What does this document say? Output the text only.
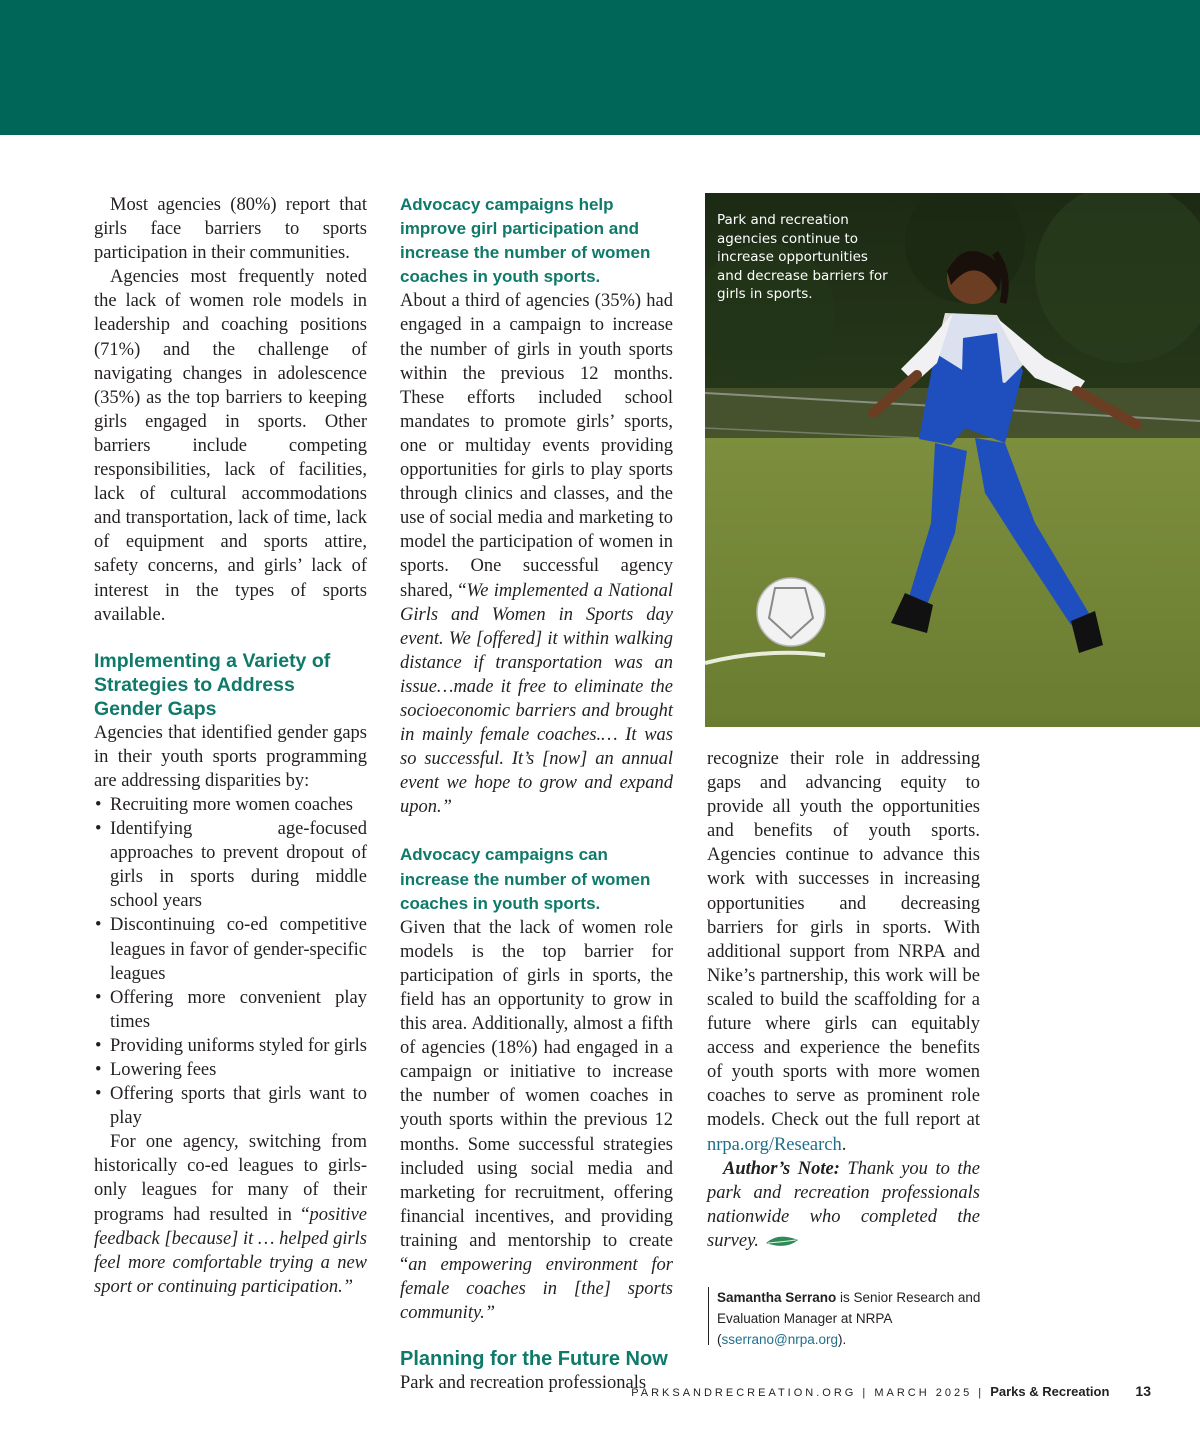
Most agencies (80%) report that girls face barriers to sports participation in their communities.

Agencies most frequently noted the lack of women role models in leadership and coaching positions (71%) and the challenge of navigating changes in adolescence (35%) as the top barriers to keeping girls engaged in sports. Other barriers include competing responsibilities, lack of facilities, lack of cultural accommodations and transportation, lack of time, lack of equipment and sports attire, safety concerns, and girls’ lack of interest in the types of sports available.

Implementing a Variety of Strategies to Address Gender Gaps

Agencies that identified gender gaps in their youth sports programming are addressing disparities by:

• Recruiting more women coaches
• Identifying age-focused approaches to prevent dropout of girls in sports during middle school years
• Discontinuing co-ed competitive leagues in favor of gender-specific leagues
• Offering more convenient play times
• Providing uniforms styled for girls
• Lowering fees
• Offering sports that girls want to play

For one agency, switching from historically co-ed leagues to girls-only leagues for many of their programs had resulted in “positive feedback [because] it … helped girls feel more comfortable trying a new sport or continuing participation.”

Advocacy campaigns help improve girl participation and increase the number of women coaches in youth sports.

About a third of agencies (35%) had engaged in a campaign to increase the number of girls in youth sports within the previous 12 months. These efforts included school mandates to promote girls’ sports, one or multiday events providing opportunities for girls to play sports through clinics and classes, and the use of social media and marketing to model the participation of women in sports. One successful agency shared, “We implemented a National Girls and Women in Sports day event. We [offered] it within walking distance if transportation was an issue…made it free to eliminate the socioeconomic barriers and brought in mainly female coaches.… It was so successful. It’s [now] an annual event we hope to grow and expand upon.”

Advocacy campaigns can increase the number of women coaches in youth sports.

Given that the lack of women role models is the top barrier for participation of girls in sports, the field has an opportunity to grow in this area. Additionally, almost a fifth of agencies (18%) had engaged in a campaign or initiative to increase the number of women coaches in youth sports within the previous 12 months. Some successful strategies included using social media and marketing for recruitment, offering financial incentives, and providing training and mentorship to create “an empowering environment for female coaches in [the] sports community.”

Planning for the Future Now

Park and recreation professionals

Park and recreation agencies continue to increase opportunities and decrease barriers for girls in sports.

recognize their role in addressing gaps and advancing equity to provide all youth the opportunities and benefits of youth sports. Agencies continue to advance this work with successes in increasing opportunities and decreasing barriers for girls in sports. With additional support from NRPA and Nike’s partnership, this work will be scaled to build the scaffolding for a future where girls can equitably access and experience the benefits of youth sports with more women coaches to serve as prominent role models. Check out the full report at nrpa.org/Research.

Author’s Note: Thank you to the park and recreation professionals nationwide who completed the survey.

Samantha Serrano is Senior Research and Evaluation Manager at NRPA (sserrano@nrpa.org).
PARKSANDRECREATION.ORG | MARCH 2025 | Parks & Recreation 13
